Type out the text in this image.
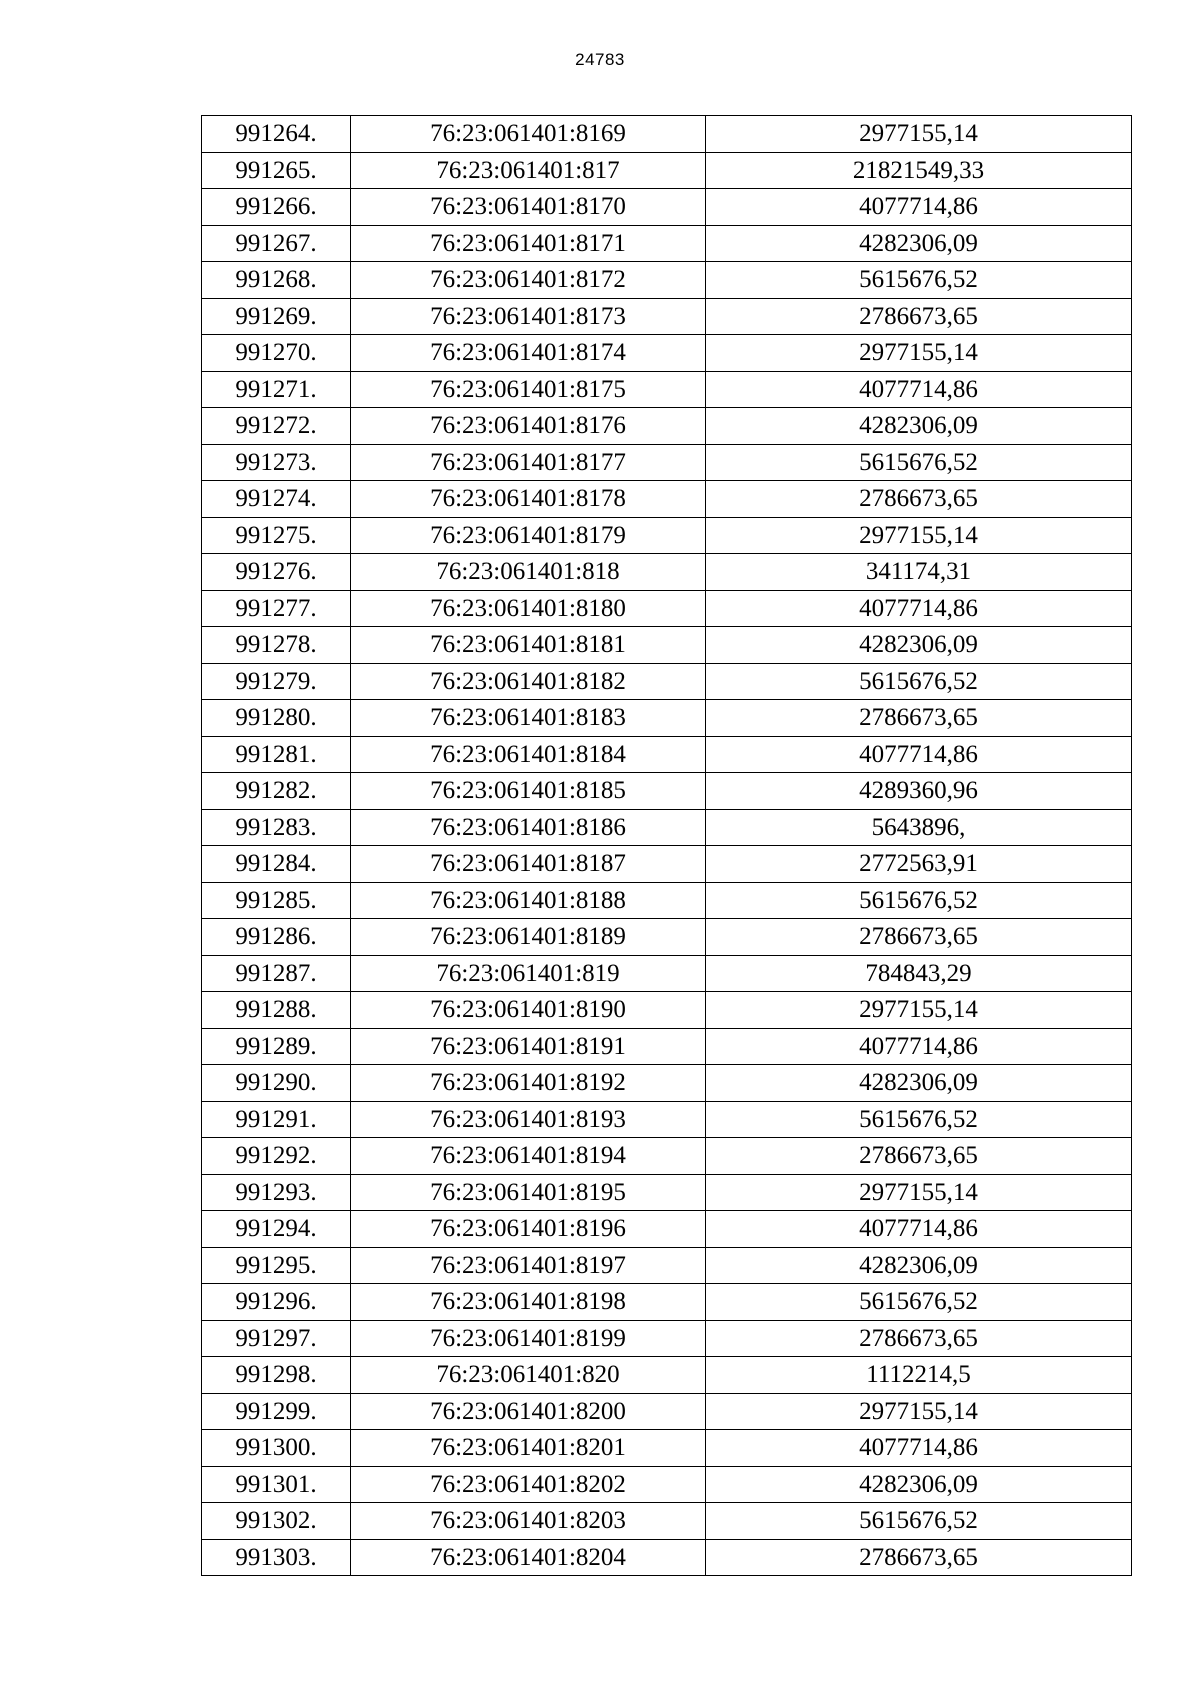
24783
991264.	76:23:061401:8169	2977155,14
991265.	76:23:061401:817	21821549,33
991266.	76:23:061401:8170	4077714,86
991267.	76:23:061401:8171	4282306,09
991268.	76:23:061401:8172	5615676,52
991269.	76:23:061401:8173	2786673,65
991270.	76:23:061401:8174	2977155,14
991271.	76:23:061401:8175	4077714,86
991272.	76:23:061401:8176	4282306,09
991273.	76:23:061401:8177	5615676,52
991274.	76:23:061401:8178	2786673,65
991275.	76:23:061401:8179	2977155,14
991276.	76:23:061401:818	341174,31
991277.	76:23:061401:8180	4077714,86
991278.	76:23:061401:8181	4282306,09
991279.	76:23:061401:8182	5615676,52
991280.	76:23:061401:8183	2786673,65
991281.	76:23:061401:8184	4077714,86
991282.	76:23:061401:8185	4289360,96
991283.	76:23:061401:8186	5643896,
991284.	76:23:061401:8187	2772563,91
991285.	76:23:061401:8188	5615676,52
991286.	76:23:061401:8189	2786673,65
991287.	76:23:061401:819	784843,29
991288.	76:23:061401:8190	2977155,14
991289.	76:23:061401:8191	4077714,86
991290.	76:23:061401:8192	4282306,09
991291.	76:23:061401:8193	5615676,52
991292.	76:23:061401:8194	2786673,65
991293.	76:23:061401:8195	2977155,14
991294.	76:23:061401:8196	4077714,86
991295.	76:23:061401:8197	4282306,09
991296.	76:23:061401:8198	5615676,52
991297.	76:23:061401:8199	2786673,65
991298.	76:23:061401:820	1112214,5
991299.	76:23:061401:8200	2977155,14
991300.	76:23:061401:8201	4077714,86
991301.	76:23:061401:8202	4282306,09
991302.	76:23:061401:8203	5615676,52
991303.	76:23:061401:8204	2786673,65
